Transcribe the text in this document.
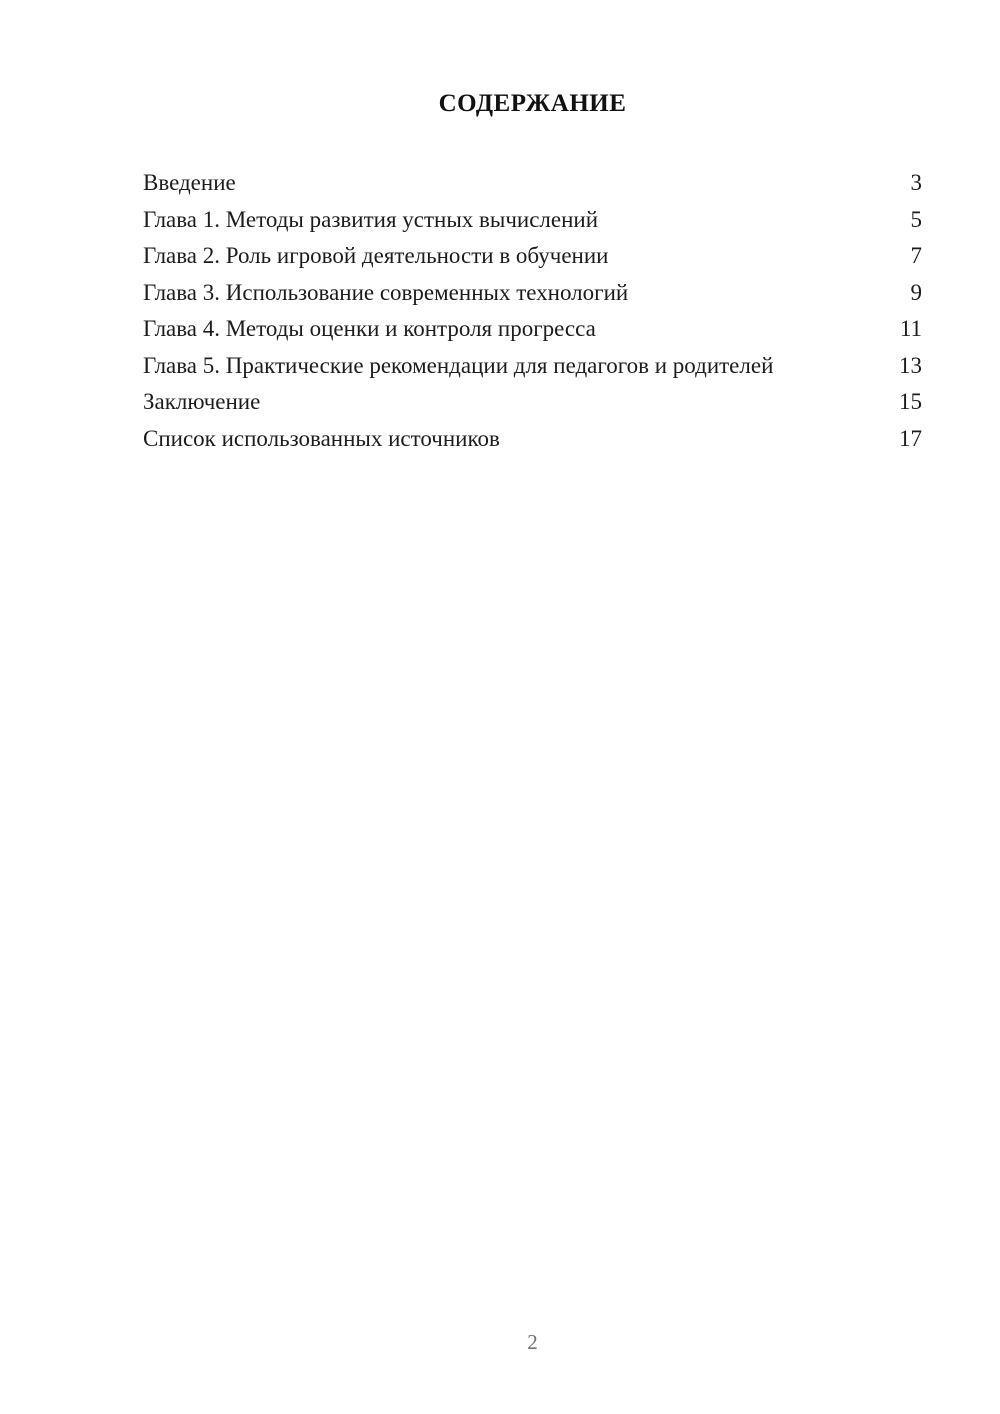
СОДЕРЖАНИЕ
Введение	3
Глава 1. Методы развития устных вычислений	5
Глава 2. Роль игровой деятельности в обучении	7
Глава 3. Использование современных технологий	9
Глава 4. Методы оценки и контроля прогресса	11
Глава 5. Практические рекомендации для педагогов и родителей	13
Заключение	15
Список использованных источников	17
2
